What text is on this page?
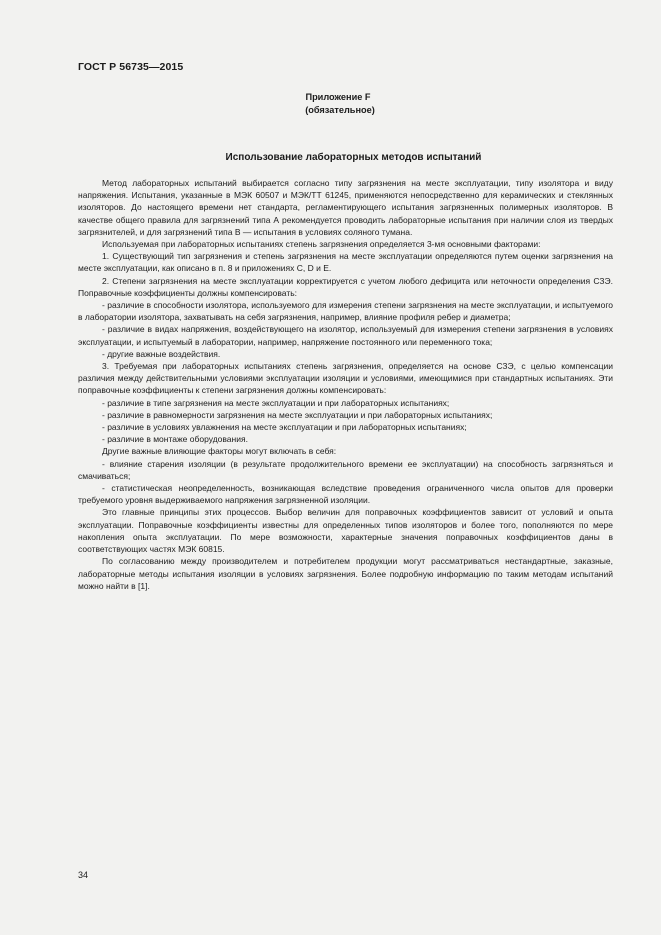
ГОСТ Р 56735—2015
Приложение F
(обязательное)
Использование лабораторных методов испытаний

Метод лабораторных испытаний выбирается согласно типу загрязнения на месте эксплуатации, типу изолятора и виду напряжения. Испытания, указанные в МЭК 60507 и МЭК/ТТ 61245, применяются непосредственно для керамических и стеклянных изоляторов. До настоящего времени нет стандарта, регламентирующего испытания загрязненных полимерных изоляторов. В качестве общего правила для загрязнений типа А рекомендуется проводить лабораторные испытания при наличии слоя из твердых загрязнителей, и для загрязнений типа В — испытания в условиях соляного тумана.

Используемая при лабораторных испытаниях степень загрязнения определяется 3-мя основными факторами:

1. Существующий тип загрязнения и степень загрязнения на месте эксплуатации определяются путем оценки загрязнения на месте эксплуатации, как описано в п. 8 и приложениях С, D и Е.

2. Степени загрязнения на месте эксплуатации корректируется с учетом любого дефицита или неточности определения СЗЭ. Поправочные коэффициенты должны компенсировать:

- различие в способности изолятора, используемого для измерения степени загрязнения на месте эксплуатации, и испытуемого в лаборатории изолятора, захватывать на себя загрязнения, например, влияние профиля ребер и диаметра;

- различие в видах напряжения, воздействующего на изолятор, используемый для измерения степени загрязнения в условиях эксплуатации, и испытуемый в лаборатории, например, напряжение постоянного или переменного тока;

- другие важные воздействия.

3. Требуемая при лабораторных испытаниях степень загрязнения, определяется на основе СЗЭ, с целью компенсации различия между действительными условиями эксплуатации изоляции и условиями, имеющимися при стандартных испытаниях. Эти поправочные коэффициенты к степени загрязнения должны компенсировать:

- различие в типе загрязнения на месте эксплуатации и при лабораторных испытаниях;

- различие в равномерности загрязнения на месте эксплуатации и при лабораторных испытаниях;

- различие в условиях увлажнения на месте эксплуатации и при лабораторных испытаниях;

- различие в монтаже оборудования.

Другие важные влияющие факторы могут включать в себя:

- влияние старения изоляции (в результате продолжительного времени ее эксплуатации) на способность загрязняться и смачиваться;

- статистическая неопределенность, возникающая вследствие проведения ограниченного числа опытов для проверки требуемого уровня выдерживаемого напряжения загрязненной изоляции.

Это главные принципы этих процессов. Выбор величин для поправочных коэффициентов зависит от условий и опыта эксплуатации. Поправочные коэффициенты известны для определенных типов изоляторов и более того, пополняются по мере накопления опыта эксплуатации. По мере возможности, характерные значения поправочных коэффициентов даны в соответствующих частях МЭК 60815.

По согласованию между производителем и потребителем продукции могут рассматриваться нестандартные, заказные, лабораторные методы испытания изоляции в условиях загрязнения. Более подробную информацию по таким методам испытаний можно найти в [1].

34
